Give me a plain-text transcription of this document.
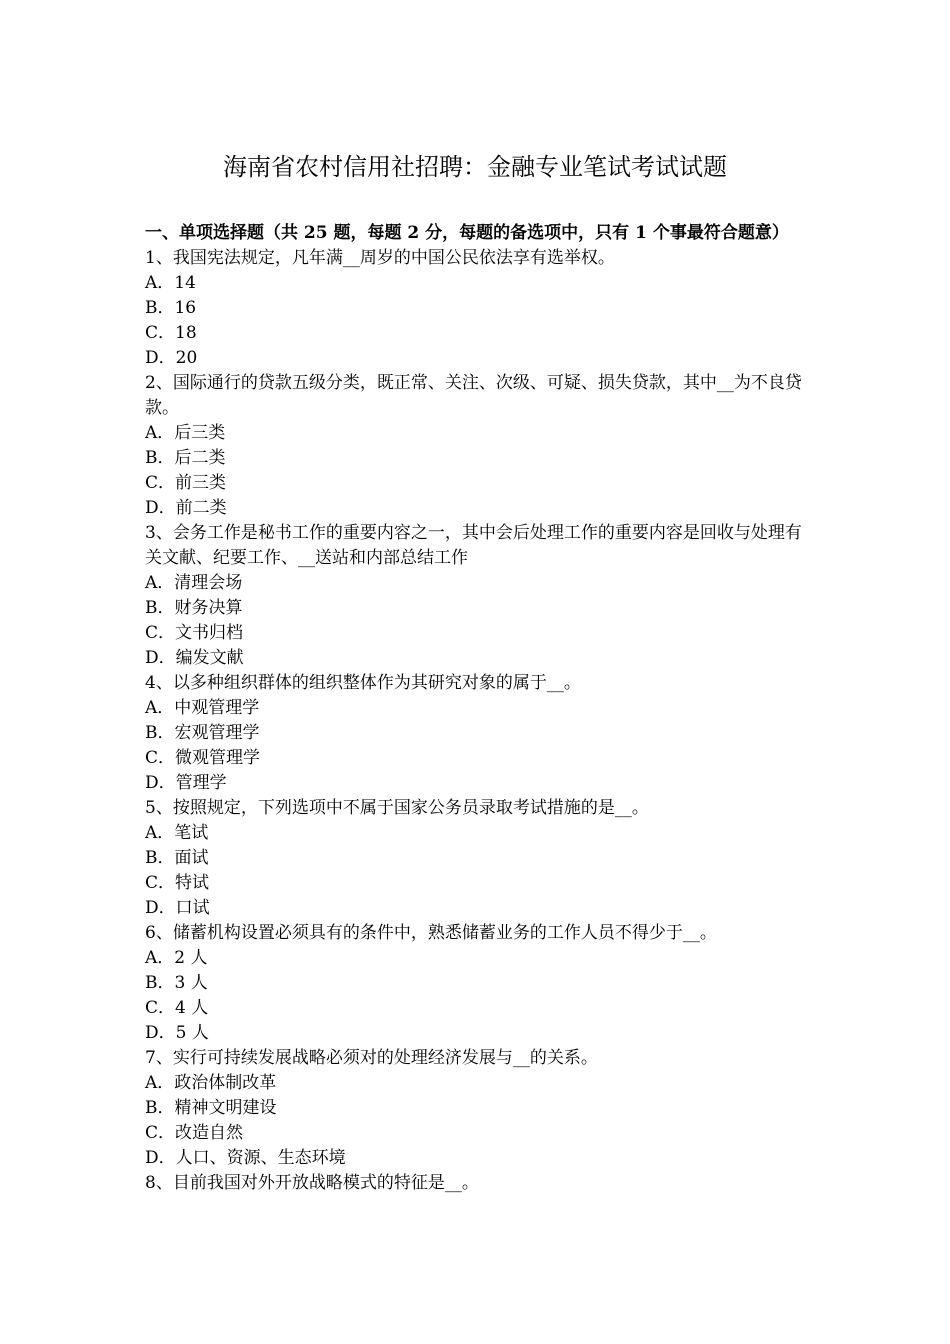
海南省农村信用社招聘：金融专业笔试考试试题

一、单项选择题（共 25 题，每题 2 分，每题的备选项中，只有 1 个事最符合题意）

1、我国宪法规定，凡年满__周岁的中国公民依法享有选举权。

A．14

B．16

C．18

D．20

2、国际通行的贷款五级分类，既正常、关注、次级、可疑、损失贷款，其中__为不良贷款。

A．后三类

B．后二类

C．前三类

D．前二类

3、会务工作是秘书工作的重要内容之一，其中会后处理工作的重要内容是回收与处理有关文献、纪要工作、__送站和内部总结工作

A．清理会场

B．财务决算

C．文书归档

D．编发文献

4、以多种组织群体的组织整体作为其研究对象的属于__。

A．中观管理学

B．宏观管理学

C．微观管理学

D．管理学

5、按照规定，下列选项中不属于国家公务员录取考试措施的是__。

A．笔试

B．面试

C．特试

D．口试

6、储蓄机构设置必须具有的条件中，熟悉储蓄业务的工作人员不得少于__。

A．2 人

B．3 人

C．4 人

D．5 人

7、实行可持续发展战略必须对的处理经济发展与__的关系。

A．政治体制改革

B．精神文明建设

C．改造自然

D．人口、资源、生态环境

8、目前我国对外开放战略模式的特征是__。
